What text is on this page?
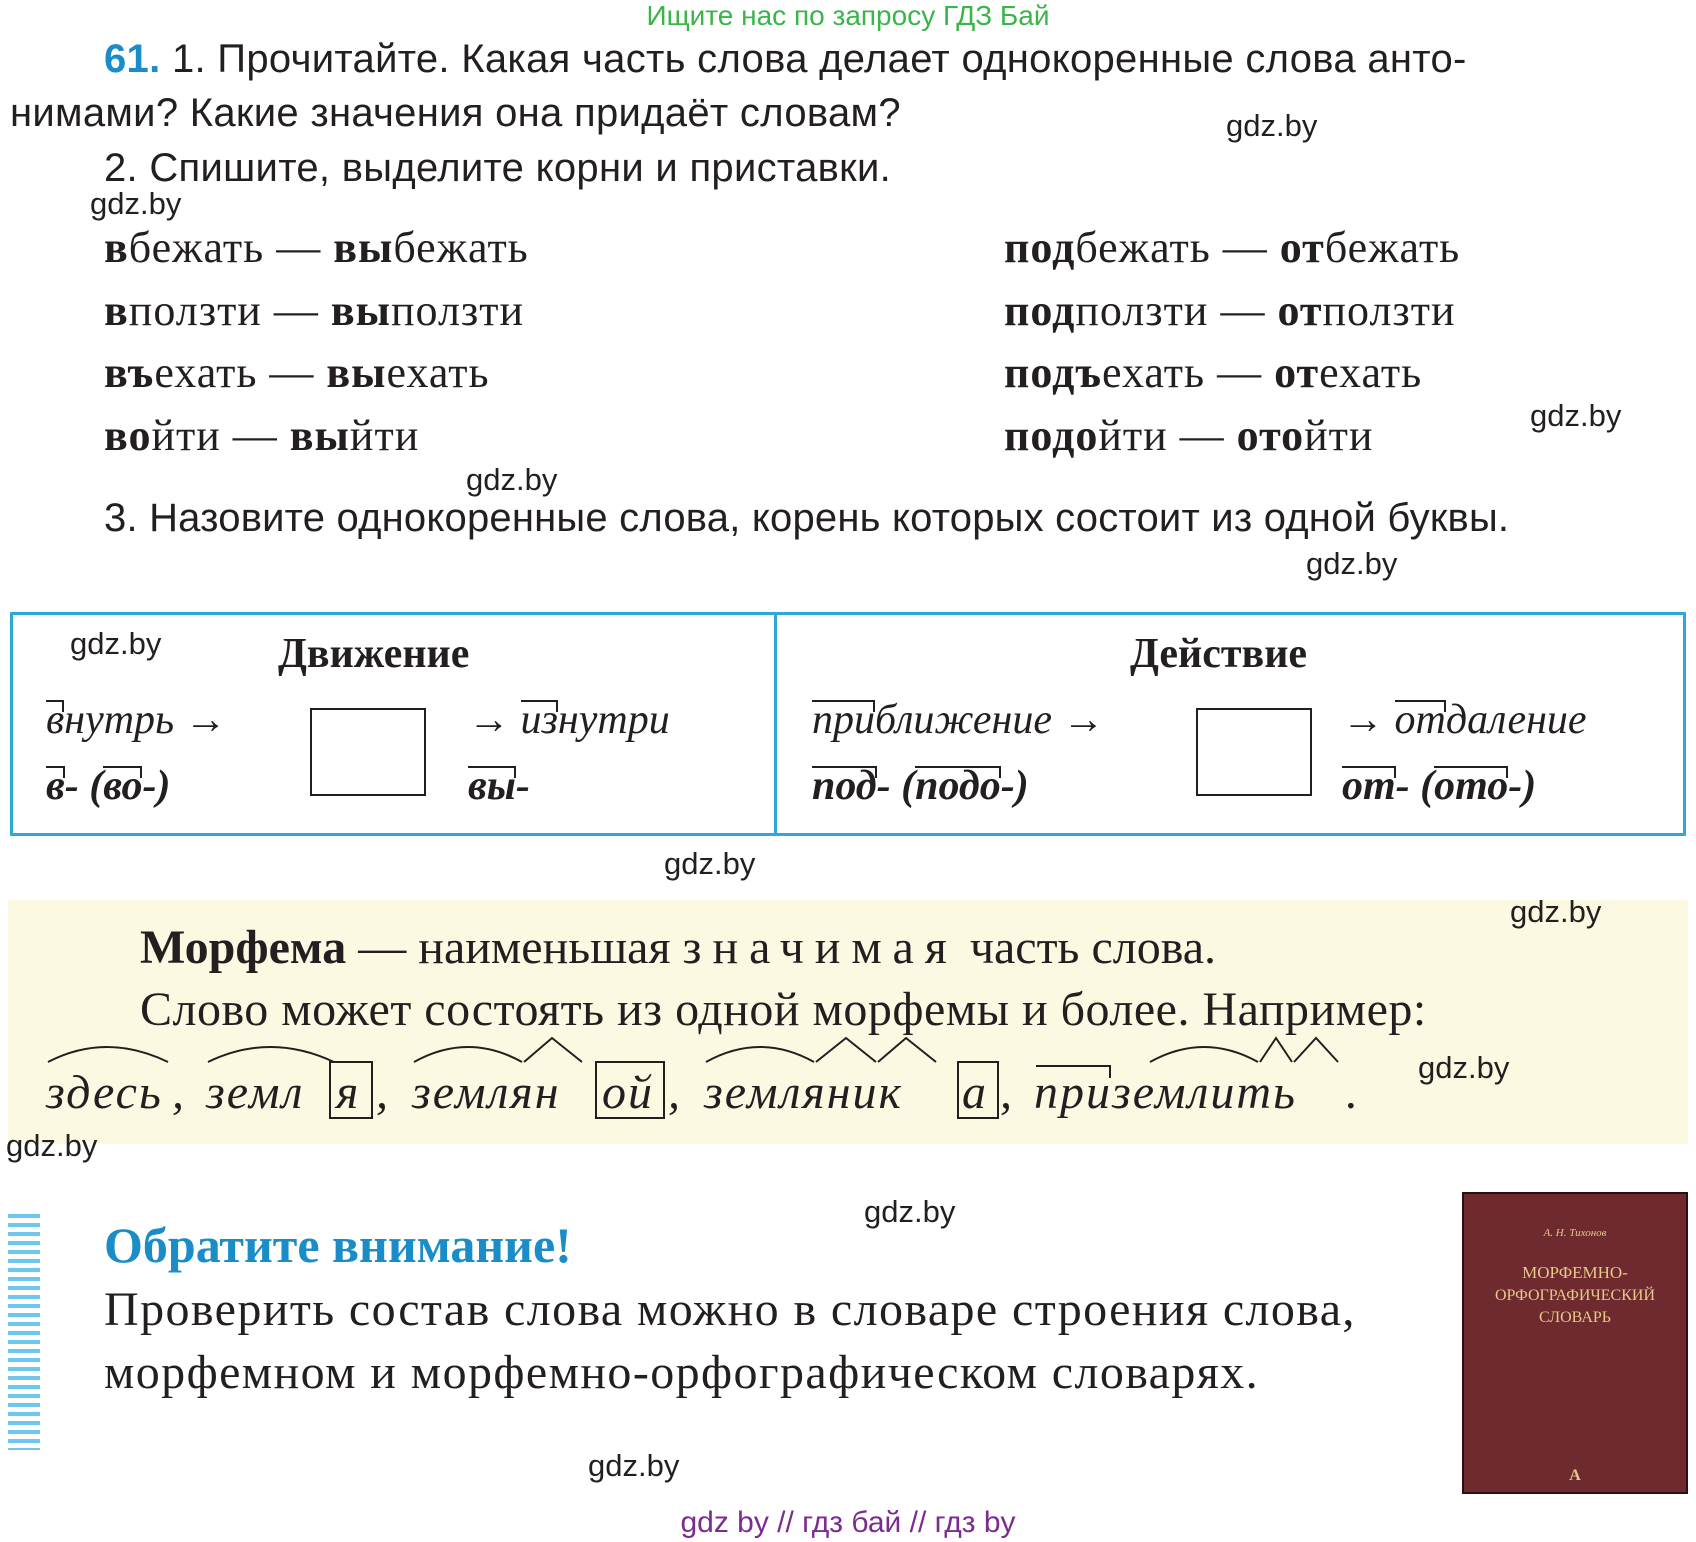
Ищите нас по запросу ГДЗ Бай
61. 1. Прочитайте. Какая часть слова делает однокоренные слова анто-
нимами? Какие значения она придаёт словам?
2. Спишите, выделите корни и приставки.
вбежать — выбежать
вползти — выползти
въехать — выехать
войти — выйти
подбежать — отбежать
подползти — отползти
подъехать — отехать
подойти — отойти
3. Назовите однокоренные слова, корень которых состоит из одной буквы.
Движение
внутрь →	→ изнутри
в- (во-)	вы-
Действие
приближение →	→ отдаление
под- (подо-)	от- (ото-)
Морфема — наименьшая значимая часть слова.
Слово может состоять из одной морфемы и более. Например:
здесь , земл я , землян ой , земляник а , приземлить .
Обратите внимание!
Проверить состав слова можно в словаре строения слова, морфемном и морфемно-орфографическом словарях.
А. Н. Тихонов
МОРФЕМНО-
ОРФОГРАФИЧЕСКИЙ
СЛОВАРЬ
А
gdz.by
gdz.by
gdz.by
gdz.by
gdz.by
gdz.by
gdz.by
gdz.by
gdz.by
gdz.by
gdz.by
gdz.by
gdz by // гдз бай // гдз by
